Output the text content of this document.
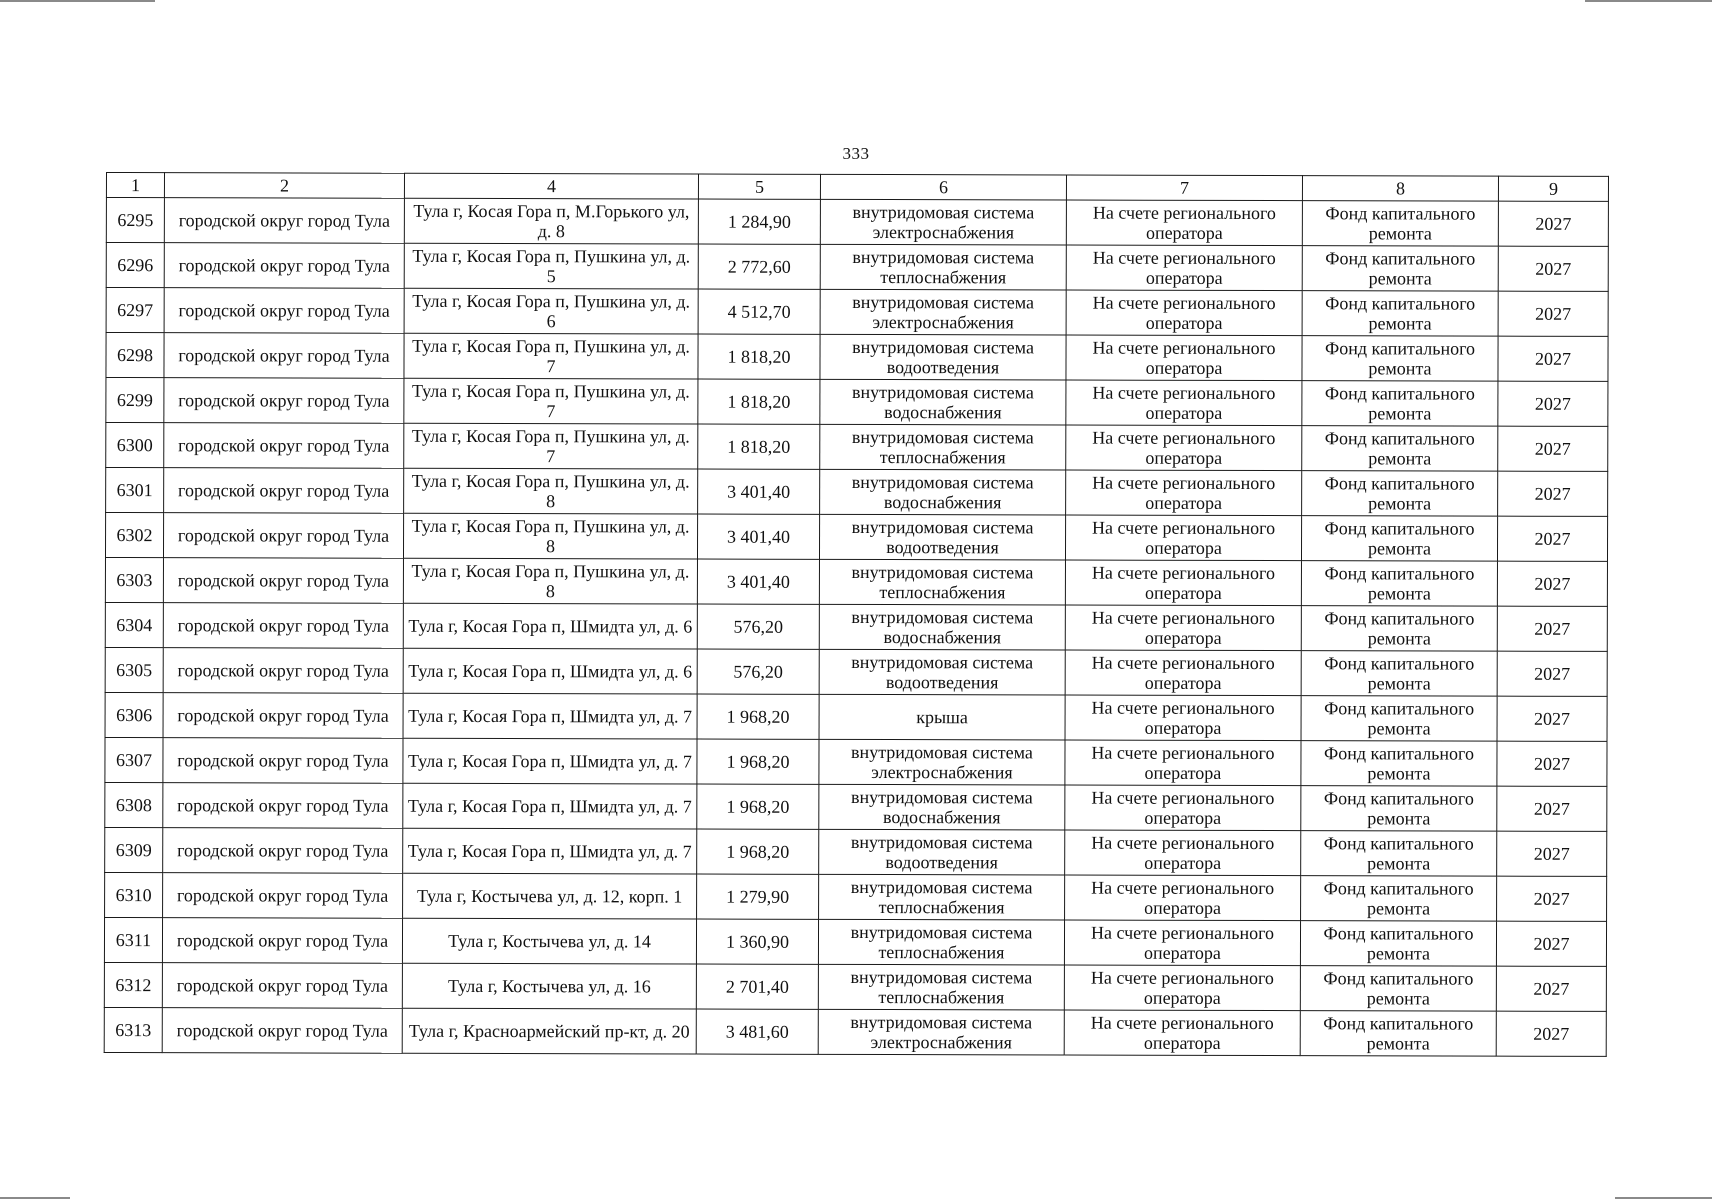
333
1	2	4	5	6	7	8	9
6295	городской округ город Тула	Тула г, Косая Гора п, М.Горького ул, д. 8	1 284,90	внутридомовая система электроснабжения	На счете регионального оператора	Фонд капитального ремонта	2027
6296	городской округ город Тула	Тула г, Косая Гора п, Пушкина ул, д. 5	2 772,60	внутридомовая система теплоснабжения	На счете регионального оператора	Фонд капитального ремонта	2027
6297	городской округ город Тула	Тула г, Косая Гора п, Пушкина ул, д. 6	4 512,70	внутридомовая система электроснабжения	На счете регионального оператора	Фонд капитального ремонта	2027
6298	городской округ город Тула	Тула г, Косая Гора п, Пушкина ул, д. 7	1 818,20	внутридомовая система водоотведения	На счете регионального оператора	Фонд капитального ремонта	2027
6299	городской округ город Тула	Тула г, Косая Гора п, Пушкина ул, д. 7	1 818,20	внутридомовая система водоснабжения	На счете регионального оператора	Фонд капитального ремонта	2027
6300	городской округ город Тула	Тула г, Косая Гора п, Пушкина ул, д. 7	1 818,20	внутридомовая система теплоснабжения	На счете регионального оператора	Фонд капитального ремонта	2027
6301	городской округ город Тула	Тула г, Косая Гора п, Пушкина ул, д. 8	3 401,40	внутридомовая система водоснабжения	На счете регионального оператора	Фонд капитального ремонта	2027
6302	городской округ город Тула	Тула г, Косая Гора п, Пушкина ул, д. 8	3 401,40	внутридомовая система водоотведения	На счете регионального оператора	Фонд капитального ремонта	2027
6303	городской округ город Тула	Тула г, Косая Гора п, Пушкина ул, д. 8	3 401,40	внутридомовая система теплоснабжения	На счете регионального оператора	Фонд капитального ремонта	2027
6304	городской округ город Тула	Тула г, Косая Гора п, Шмидта ул, д. 6	576,20	внутридомовая система водоснабжения	На счете регионального оператора	Фонд капитального ремонта	2027
6305	городской округ город Тула	Тула г, Косая Гора п, Шмидта ул, д. 6	576,20	внутридомовая система водоотведения	На счете регионального оператора	Фонд капитального ремонта	2027
6306	городской округ город Тула	Тула г, Косая Гора п, Шмидта ул, д. 7	1 968,20	крыша	На счете регионального оператора	Фонд капитального ремонта	2027
6307	городской округ город Тула	Тула г, Косая Гора п, Шмидта ул, д. 7	1 968,20	внутридомовая система электроснабжения	На счете регионального оператора	Фонд капитального ремонта	2027
6308	городской округ город Тула	Тула г, Косая Гора п, Шмидта ул, д. 7	1 968,20	внутридомовая система водоснабжения	На счете регионального оператора	Фонд капитального ремонта	2027
6309	городской округ город Тула	Тула г, Косая Гора п, Шмидта ул, д. 7	1 968,20	внутридомовая система водоотведения	На счете регионального оператора	Фонд капитального ремонта	2027
6310	городской округ город Тула	Тула г, Костычева ул, д. 12, корп. 1	1 279,90	внутридомовая система теплоснабжения	На счете регионального оператора	Фонд капитального ремонта	2027
6311	городской округ город Тула	Тула г, Костычева ул, д. 14	1 360,90	внутридомовая система теплоснабжения	На счете регионального оператора	Фонд капитального ремонта	2027
6312	городской округ город Тула	Тула г, Костычева ул, д. 16	2 701,40	внутридомовая система теплоснабжения	На счете регионального оператора	Фонд капитального ремонта	2027
6313	городской округ город Тула	Тула г, Красноармейский пр-кт, д. 20	3 481,60	внутридомовая система электроснабжения	На счете регионального оператора	Фонд капитального ремонта	2027
